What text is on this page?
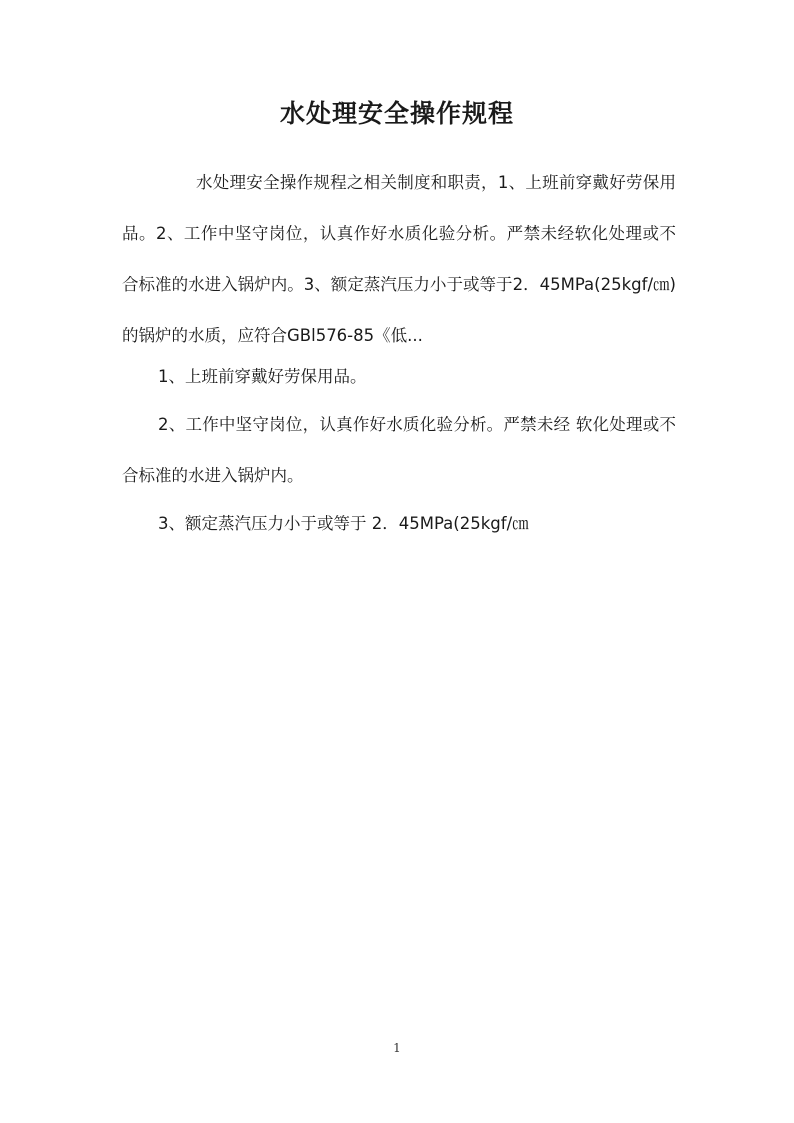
水处理安全操作规程

水处理安全操作规程之相关制度和职责，1、上班前穿戴好劳保用品。2、工作中坚守岗位，认真作好水质化验分析。严禁未经软化处理或不合标准的水进入锅炉内。3、额定蒸汽压力小于或等于2．45MPa(25kgf/㎝)的锅炉的水质，应符合GBl576-85《低...

1、上班前穿戴好劳保用品。

2、工作中坚守岗位，认真作好水质化验分析。严禁未经 软化处理或不合标准的水进入锅炉内。

3、额定蒸汽压力小于或等于 2．45MPa(25kgf/㎝

1
